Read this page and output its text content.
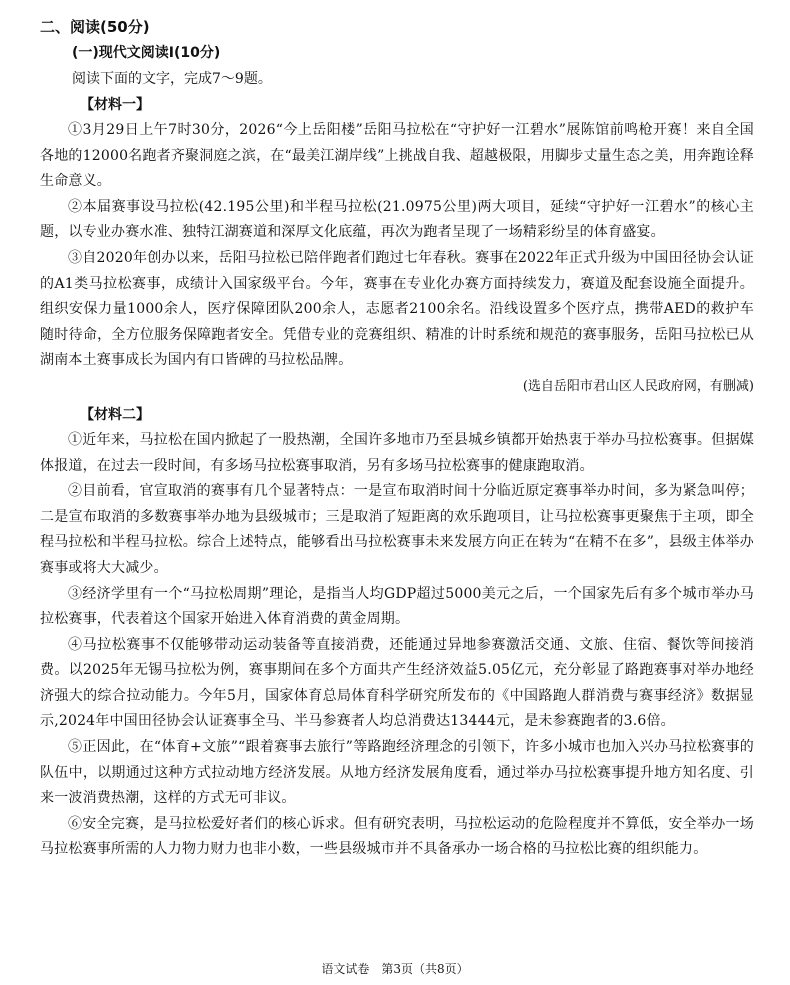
二、阅读(50分)
(一)现代文阅读Ⅰ(10分)
阅读下面的文字，完成7～9题。
【材料一】

①3月29日上午7时30分，2026“今上岳阳楼”岳阳马拉松在“守护好一江碧水”展陈馆前鸣枪开赛！来自全国各地的12000名跑者齐聚洞庭之滨，在“最美江湖岸线”上挑战自我、超越极限，用脚步丈量生态之美，用奔跑诠释生命意义。

②本届赛事设马拉松(42.195公里)和半程马拉松(21.0975公里)两大项目，延续“守护好一江碧水”的核心主题，以专业办赛水准、独特江湖赛道和深厚文化底蕴，再次为跑者呈现了一场精彩纷呈的体育盛宴。

③自2020年创办以来，岳阳马拉松已陪伴跑者们跑过七年春秋。赛事在2022年正式升级为中国田径协会认证的A1类马拉松赛事，成绩计入国家级平台。今年，赛事在专业化办赛方面持续发力，赛道及配套设施全面提升。组织安保力量1000余人，医疗保障团队200余人，志愿者2100余名。沿线设置多个医疗点，携带AED的救护车随时待命，全方位服务保障跑者安全。凭借专业的竞赛组织、精准的计时系统和规范的赛事服务，岳阳马拉松已从湖南本土赛事成长为国内有口皆碑的马拉松品牌。

(选自岳阳市君山区人民政府网，有删减)
【材料二】

①近年来，马拉松在国内掀起了一股热潮，全国许多地市乃至县城乡镇都开始热衷于举办马拉松赛事。但据媒体报道，在过去一段时间，有多场马拉松赛事取消，另有多场马拉松赛事的健康跑取消。

②目前看，官宣取消的赛事有几个显著特点：一是宣布取消时间十分临近原定赛事举办时间，多为紧急叫停；二是宣布取消的多数赛事举办地为县级城市；三是取消了短距离的欢乐跑项目，让马拉松赛事更聚焦于主项，即全程马拉松和半程马拉松。综合上述特点，能够看出马拉松赛事未来发展方向正在转为“在精不在多”，县级主体举办赛事或将大大减少。

③经济学里有一个“马拉松周期”理论，是指当人均GDP超过5000美元之后，一个国家先后有多个城市举办马拉松赛事，代表着这个国家开始进入体育消费的黄金周期。

④马拉松赛事不仅能够带动运动装备等直接消费，还能通过异地参赛激活交通、文旅、住宿、餐饮等间接消费。以2025年无锡马拉松为例，赛事期间在多个方面共产生经济效益5.05亿元，充分彰显了路跑赛事对举办地经济强大的综合拉动能力。今年5月，国家体育总局体育科学研究所发布的《中国路跑人群消费与赛事经济》数据显示,2024年中国田径协会认证赛事全马、半马参赛者人均总消费达13444元，是未参赛跑者的3.6倍。

⑤正因此，在“体育+文旅”“跟着赛事去旅行”等路跑经济理念的引领下，许多小城市也加入兴办马拉松赛事的队伍中，以期通过这种方式拉动地方经济发展。从地方经济发展角度看，通过举办马拉松赛事提升地方知名度、引来一波消费热潮，这样的方式无可非议。

⑥安全完赛，是马拉松爱好者们的核心诉求。但有研究表明，马拉松运动的危险程度并不算低，安全举办一场马拉松赛事所需的人力物力财力也非小数，一些县级城市并不具备承办一场合格的马拉松比赛的组织能力。

语文试卷　第3页（共8页）
